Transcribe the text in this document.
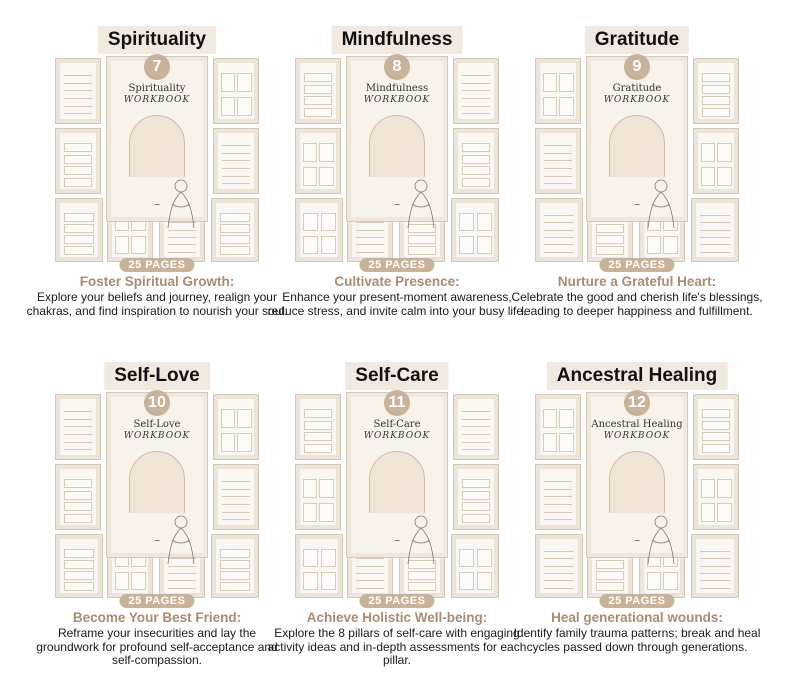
Spirituality
Spirituality
WORKBOOK
~
7
25 PAGES
Foster Spiritual Growth:
Explore your beliefs and journey, realign your chakras, and find inspiration to nourish your soul.
Mindfulness
Mindfulness
WORKBOOK
~
8
25 PAGES
Cultivate Presence:
Enhance your present-moment awareness, reduce stress, and invite calm into your busy life.
Gratitude
Gratitude
WORKBOOK
~
9
25 PAGES
Nurture a Grateful Heart:
Celebrate the good and cherish life's blessings, leading to deeper happiness and fulfillment.
Self-Love
Self-Love
WORKBOOK
~
10
25 PAGES
Become Your Best Friend:
Reframe your insecurities and lay the groundwork for profound self-acceptance and self-compassion.
Self-Care
Self-Care
WORKBOOK
~
11
25 PAGES
Achieve Holistic Well-being:
Explore the 8 pillars of self-care with engaging activity ideas and in-depth assessments for each pillar.
Ancestral Healing
Ancestral Healing
WORKBOOK
~
12
25 PAGES
Heal generational wounds:
Identify family trauma patterns; break and heal cycles passed down through generations.
